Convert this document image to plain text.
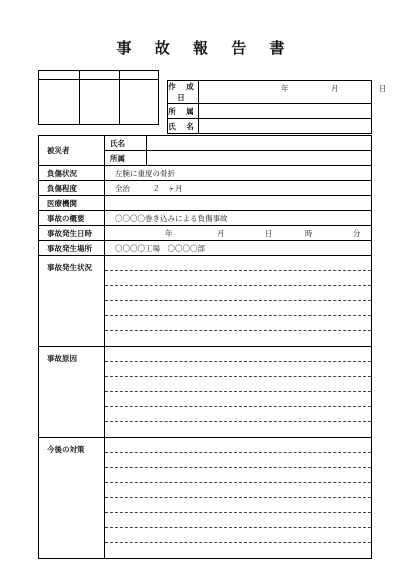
事 故 報 告 書
作 成 日	年 月 日

所 属	
氏 名	
被災者	氏名	
	所属	
負傷状況	左腕に重度の骨折	
負傷程度	全治　　　２　ヶ月	
医療機関		
事故の概要	〇〇〇〇巻き込みによる負傷事故	
事故発生日時	年 月 日 時 分	

事故発生場所	〇〇〇〇工場　〇〇〇〇部	
事故発生状況		

事故原因		

今後の対策		
